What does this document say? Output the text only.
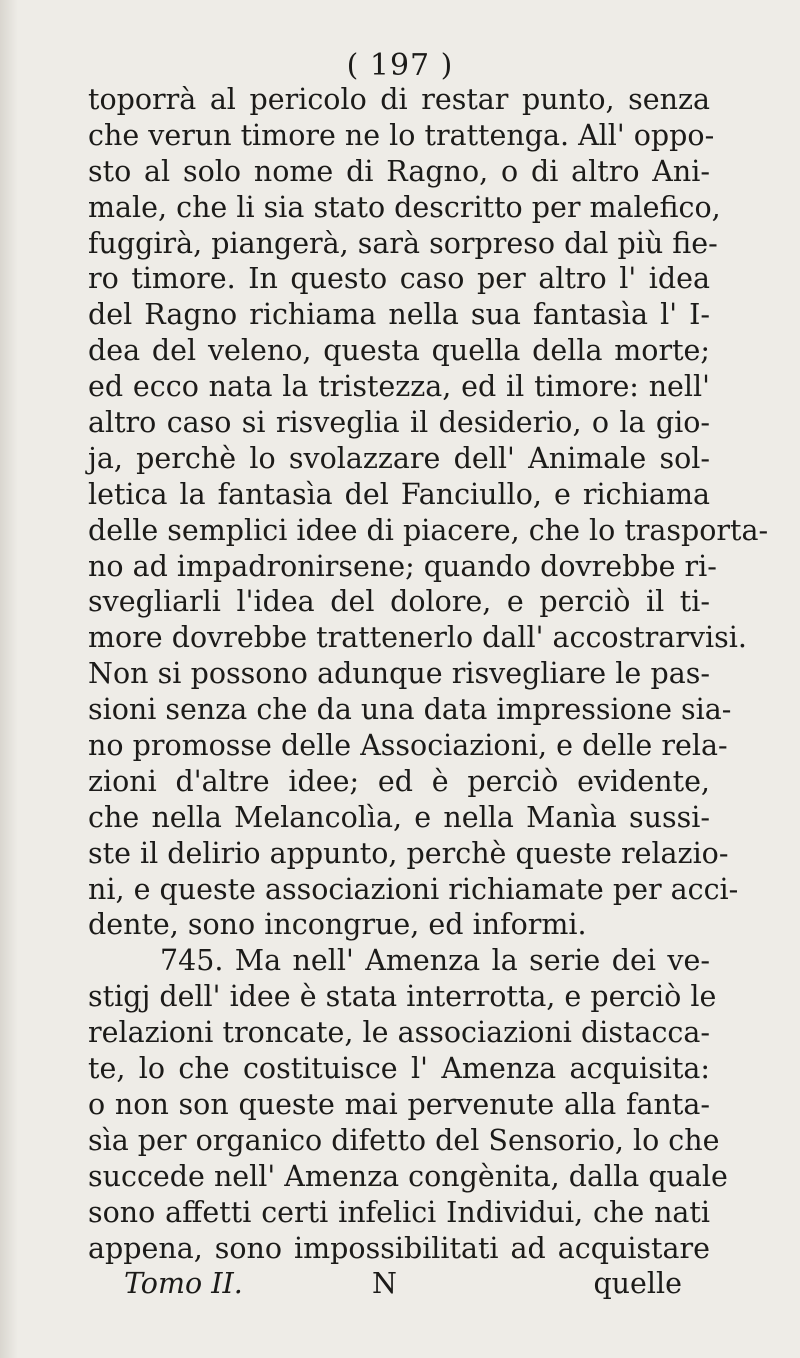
( 197 )
toporrà al pericolo di restar punto, senza
che verun timore ne lo trattenga. All' oppo-
sto al solo nome di Ragno, o di altro Ani-
male, che li sia stato descritto per malefico,
fuggirà, piangerà, sarà sorpreso dal più fie-
ro timore. In questo caso per altro l' idea
del Ragno richiama nella sua fantasìa l' I-
dea del veleno, questa quella della morte;
ed ecco nata la tristezza, ed il timore: nell'
altro caso si risveglia il desiderio, o la gio-
ja, perchè lo svolazzare dell' Animale sol-
letica la fantasìa del Fanciullo, e richiama
delle semplici idee di piacere, che lo trasporta-
no ad impadronirsene; quando dovrebbe ri-
svegliarli l'idea del dolore, e perciò il ti-
more dovrebbe trattenerlo dall' accostrarvisi.
Non si possono adunque risvegliare le pas-
sioni senza che da una data impressione sia-
no promosse delle Associazioni, e delle rela-
zioni d'altre idee; ed è perciò evidente,
che nella Melancolìa, e nella Manìa sussi-
ste il delirio appunto, perchè queste relazio-
ni, e queste associazioni richiamate per acci-
dente, sono incongrue, ed informi.
745. Ma nell' Amenza la serie dei ve-
stigj dell' idee è stata interrotta, e perciò le
relazioni troncate, le associazioni distacca-
te, lo che costituisce l' Amenza acquisita:
o non son queste mai pervenute alla fanta-
sìa per organico difetto del Sensorio, lo che
succede nell' Amenza congènita, dalla quale
sono affetti certi infelici Individui, che nati
appena, sono impossibilitati ad acquistare
Tomo II.	N	quelle
